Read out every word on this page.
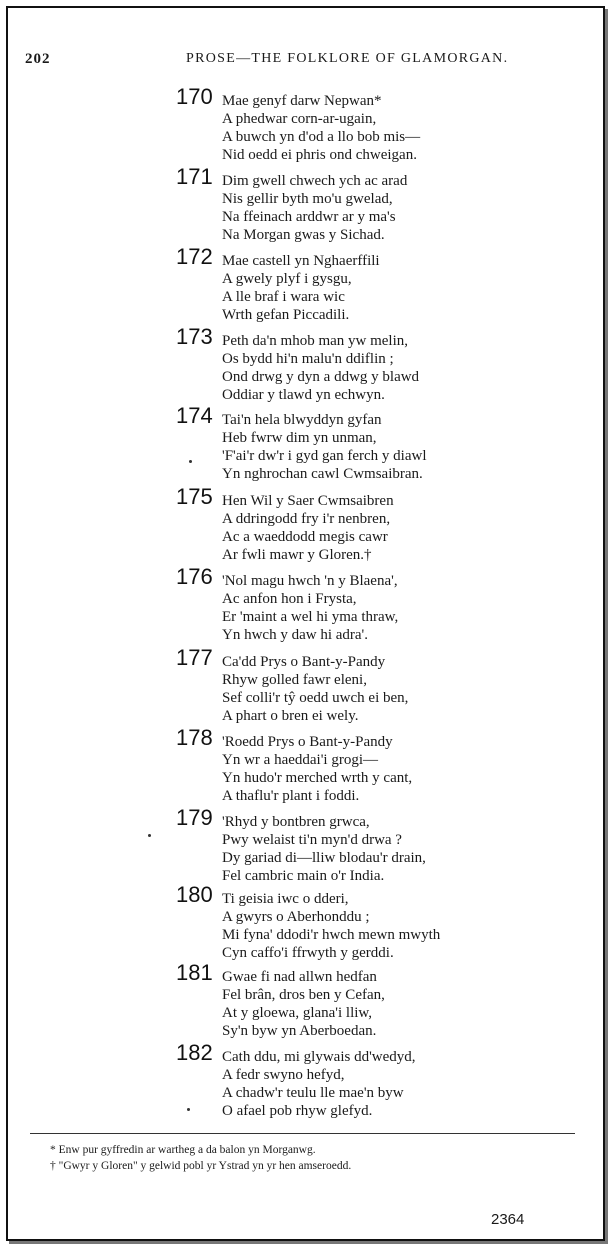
202	PROSE—THE FOLKLORE OF GLAMORGAN.
170 Mae genyf darw Nepwan*
A phedwar corn-ar-ugain,
A buwch yn d'od a llo bob mis—
Nid oedd ei phris ond chweigan.
171 Dim gwell chwech ych ac arad
Nis gellir byth mo'u gwelad,
Na ffeinach arddwr ar y ma's
Na Morgan gwas y Sichad.
172 Mae castell yn Nghaerffili
A gwely plyf i gysgu,
A lle braf i wara wic
Wrth gefan Piccadili.
173 Peth da'n mhob man yw melin,
Os bydd hi'n malu'n ddiflin ;
Ond drwg y dyn a ddwg y blawd
Oddiar y tlawd yn echwyn.
174 Tai'n hela blwyddyn gyfan
Heb fwrw dim yn unman,
'F'ai'r dw'r i gyd gan ferch y diawl
Yn nghrochan cawl Cwmsaibran.
175 Hen Wil y Saer Cwmsaibren
A ddringodd fry i'r nenbren,
Ac a waeddodd megis cawr
Ar fwli mawr y Gloren.†
176 'Nol magu hwch 'n y Blaena',
Ac anfon hon i Frysta,
Er 'maint a wel hi yma thraw,
Yn hwch y daw hi adra'.
177 Ca'dd Prys o Bant-y-Pandy
Rhyw golled fawr eleni,
Sef colli'r tŷ oedd uwch ei ben,
A phart o bren ei wely.
178 'Roedd Prys o Bant-y-Pandy
Yn wr a haeddai'i grogi—
Yn hudo'r merched wrth y cant,
A thaflu'r plant i foddi.
179 'Rhyd y bontbren grwca,
Pwy welaist ti'n myn'd drwa ?
Dy gariad di—lliw blodau'r drain,
Fel cambric main o'r India.
180 Ti geisia iwc o dderi,
A gwyrs o Aberhonddu ;
Mi fyna' ddodi'r hwch mewn mwyth
Cyn caffo'i ffrwyth y gerddi.
181 Gwae fi nad allwn hedfan
Fel brân, dros ben y Cefan,
At y gloewa, glana'i lliw,
Sy'n byw yn Aberboedan.
182 Cath ddu, mi glywais dd'wedyd,
A fedr swyno hefyd,
A chadw'r teulu lle mae'n byw
O afael pob rhyw glefyd.
* Enw pur gyffredin ar wartheg a da balon yn Morganwg.
† "Gwyr y Gloren" y gelwid pobl yr Ystrad yn yr hen amseroedd.
2364
